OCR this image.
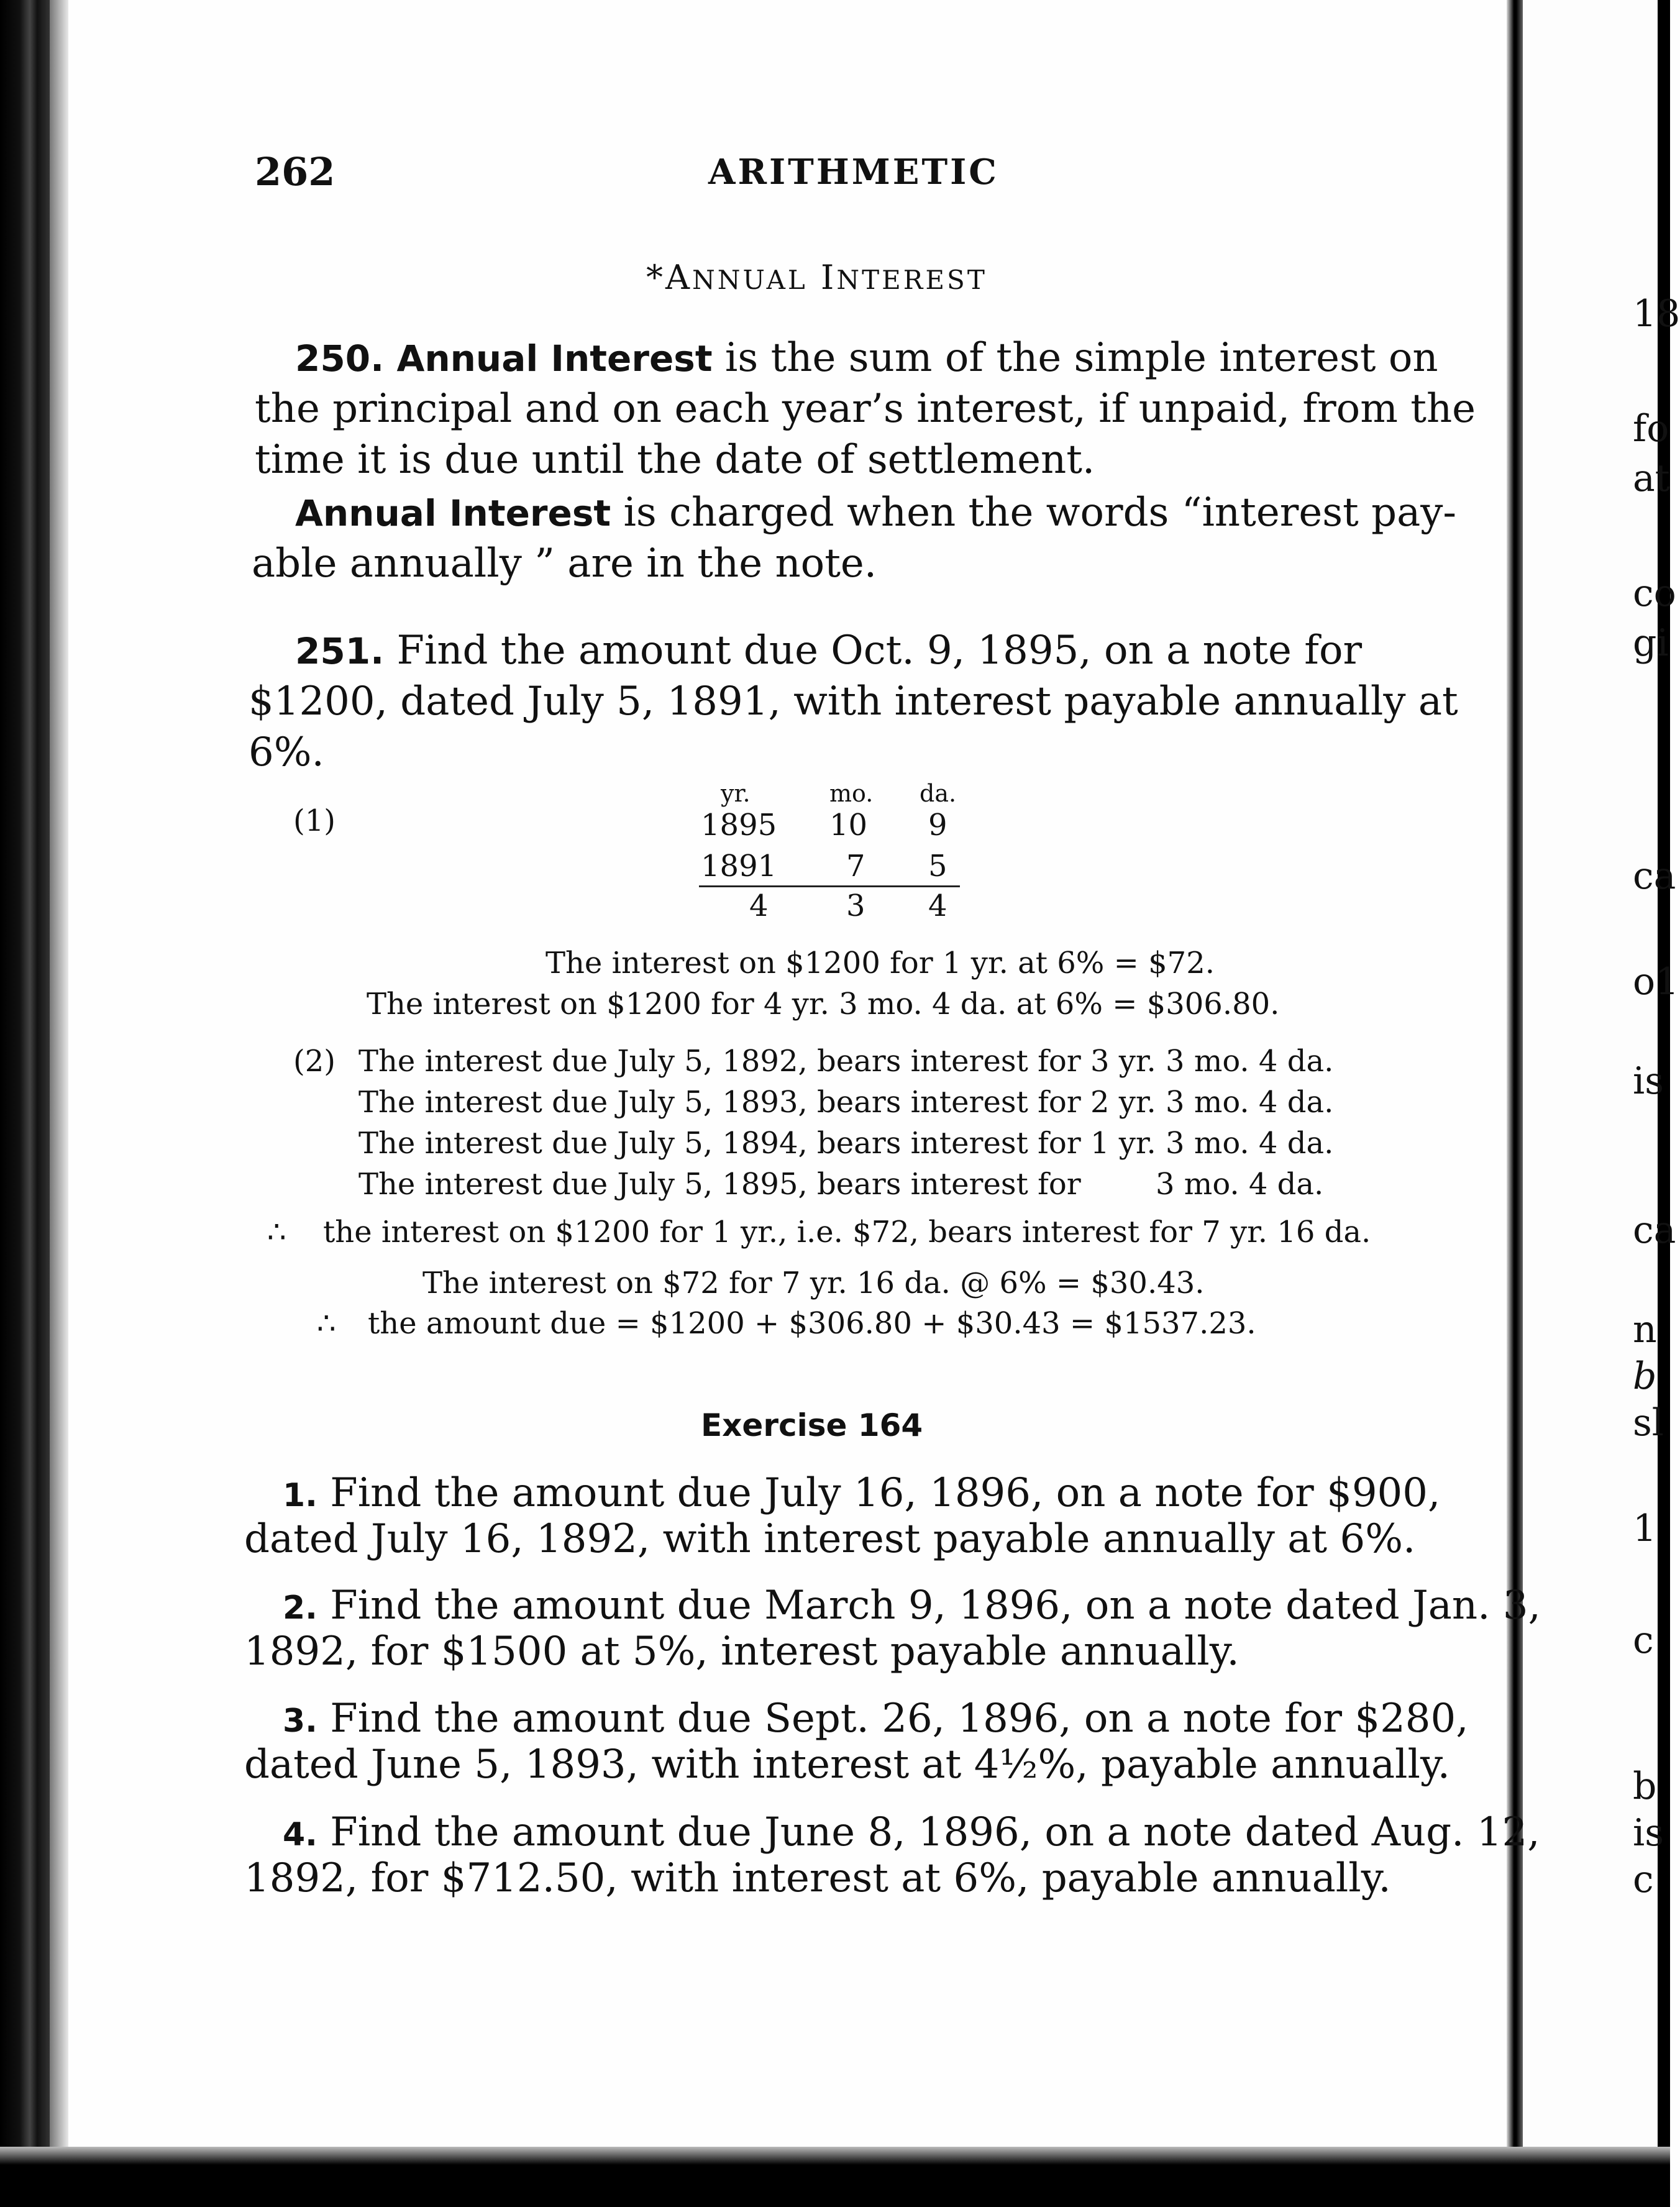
262	ARITHMETIC
*ANNUAL INTEREST
250. Annual Interest is the sum of the simple interest on
the principal and on each year’s interest, if unpaid, from the
time it is due until the date of settlement.
Annual Interest is charged when the words “interest pay-
able annually ” are in the note.
251. Find the amount due Oct. 9, 1895, on a note for
$1200, dated July 5, 1891, with interest payable annually at
6%.
(1)
yr.	mo. da.
1895 10 9
1891 7 5
4	3 4
The interest on $1200 for 1 yr. at 6% = $72.
The interest on $1200 for 4 yr. 3 mo. 4 da. at 6% = $306.80.
(2) The interest due July 5, 1892, bears interest for 3 yr. 3 mo. 4 da.
The interest due July 5, 1893, bears interest for 2 yr. 3 mo. 4 da.
The interest due July 5, 1894, bears interest for 1 yr. 3 mo. 4 da.
The interest due July 5, 1895, bears interest for	3 mo. 4 da.
∴ the interest on $1200 for 1 yr., i.e. $72, bears interest for 7 yr. 16 da.
The interest on $72 for 7 yr. 16 da. @ 6% = $30.43.
∴ the amount due = $1200 + $306.80 + $30.43 = $1537.23.
Exercise 164
1. Find the amount due July 16, 1896, on a note for $900,
dated July 16, 1892, with interest payable annually at 6%.
2. Find the amount due March 9, 1896, on a note dated Jan. 3,
1892, for $1500 at 5%, interest payable annually.
3. Find the amount due Sept. 26, 1896, on a note for $280,
dated June 5, 1893, with interest at 4½%, payable annually.
4. Find the amount due June 8, 1896, on a note dated Aug. 12,
1892, for $712.50, with interest at 6%, payable annually.
18
fo
at
co
gi
ca
o1
is
ca
n
b
sl
1
c
b
is
c
